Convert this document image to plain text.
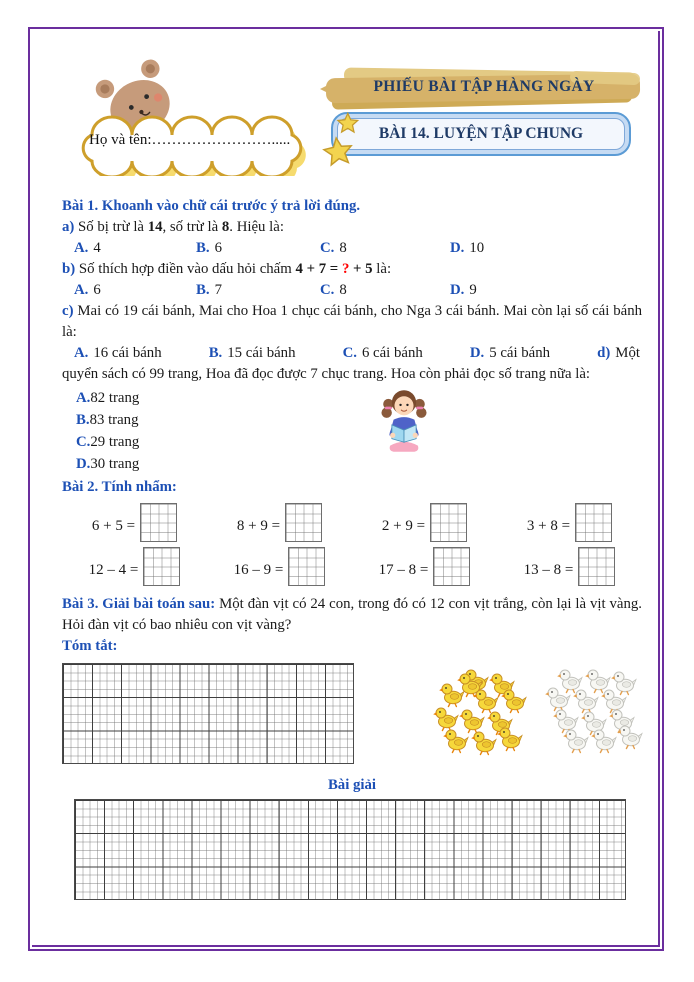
Họ và tên:…………………….....
PHIẾU BÀI TẬP HÀNG NGÀY
BÀI 14. LUYỆN TẬP CHUNG

Bài 1. Khoanh vào chữ cái trước ý trả lời đúng.

a) Số bị trừ là 14, số trừ là 8. Hiệu là:

A. 4	B. 6	C. 8	D. 10

b) Số thích hợp điền vào dấu hỏi chấm 4 + 7 = ? + 5 là:

A. 6	B. 7	C. 8	D. 9

c) Mai có 19 cái bánh, Mai cho Hoa 1 chục cái bánh, cho Nga 3 cái bánh. Mai còn lại số cái bánh là:

A. 16 cái bánh	B. 15 cái bánh	C. 6 cái bánh	D. 5 cái bánh	d) Một

quyển sách có 99 trang, Hoa đã đọc được 7 chục trang. Hoa còn phải đọc số trang nữa là:

A.82 trang
B.83 trang
C.29 trang
D.30 trang

Bài 2. Tính nhẩm:

6 + 5 =	8 + 9 =	2 + 9 =	3 + 8 =
12 – 4 =	16 – 9 =	17 – 8 =	13 – 8 =

Bài 3. Giải bài toán sau: Một đàn vịt có 24 con, trong đó có 12 con vịt trắng, còn lại là vịt vàng. Hỏi đàn vịt có bao nhiêu con vịt vàng?

Tóm tắt:

Bài giải
